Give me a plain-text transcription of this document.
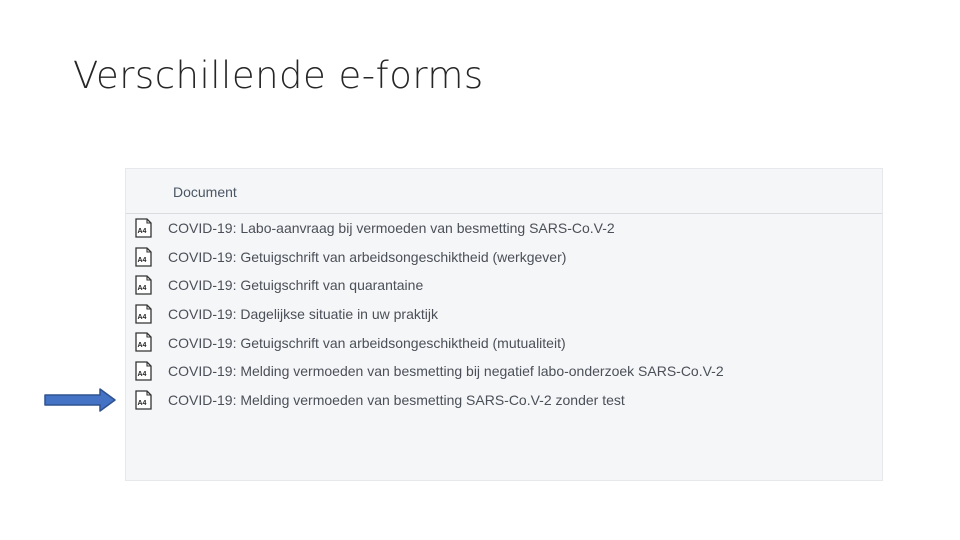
Verschillende e-forms
Document
A4 COVID-19: Labo-aanvraag bij vermoeden van besmetting SARS-Co.V-2
A4 COVID-19: Getuigschrift van arbeidsongeschiktheid (werkgever)
A4 COVID-19: Getuigschrift van quarantaine
A4 COVID-19: Dagelijkse situatie in uw praktijk
A4 COVID-19: Getuigschrift van arbeidsongeschiktheid (mutualiteit)
A4 COVID-19: Melding vermoeden van besmetting bij negatief labo-onderzoek SARS-Co.V-2
A4 COVID-19: Melding vermoeden van besmetting SARS-Co.V-2 zonder test
